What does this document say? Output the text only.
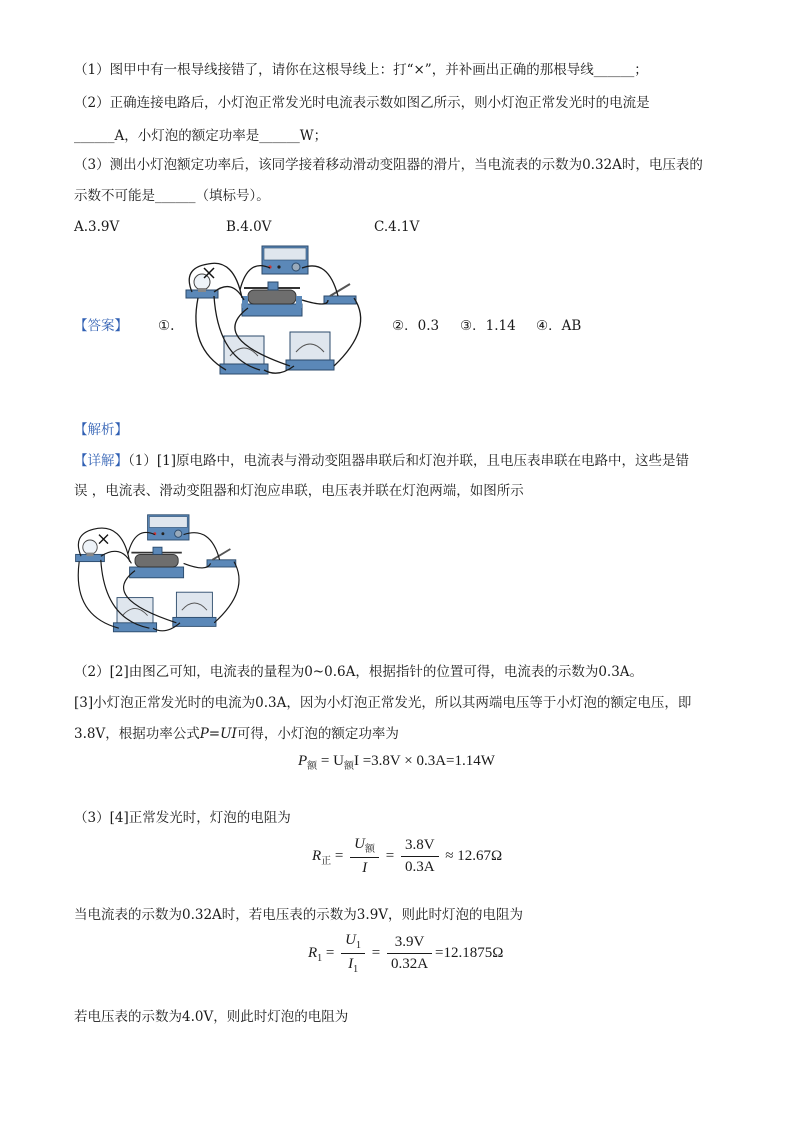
（1）图甲中有一根导线接错了，请你在这根导线上：打“×”，并补画出正确的那根导线______；
（2）正确连接电路后，小灯泡正常发光时电流表示数如图乙所示，则小灯泡正常发光时的电流是
______A，小灯泡的额定功率是______W；
（3）测出小灯泡额定功率后，该同学接着移动滑动变阻器的滑片，当电流表的示数为0.32A时，电压表的
示数不可能是______（填标号）。
A.3.9V	B.4.0V	C.4.1V
【答案】 ①.	②．0.3 ③．1.14 ④．AB
【解析】
【详解】（1）[1]原电路中，电流表与滑动变阻器串联后和灯泡并联，且电压表串联在电路中，这些是错
误 ，电流表、滑动变阻器和灯泡应串联，电压表并联在灯泡两端，如图所示
（2）[2]由图乙可知，电流表的量程为0~0.6A，根据指针的位置可得，电流表的示数为0.3A。
[3]小灯泡正常发光时的电流为0.3A，因为小灯泡正常发光，所以其两端电压等于小灯泡的额定电压，即
3.8V，根据功率公式P=UI可得，小灯泡的额定功率为
$P_额 = U_额I =3.8V \times 0.3A=1.14W$
（3）[4]正常发光时，灯泡的电阻为
$R_正 = \frac{U_额}{I} = \frac{3.8V}{0.3A} \approx 12.67\Omega$
当电流表的示数为0.32A时，若电压表的示数为3.9V，则此时灯泡的电阻为
$R_1 = \frac{U_1}{I_1} = \frac{3.9V}{0.32A} =12.1875\Omega$
若电压表的示数为4.0V，则此时灯泡的电阻为
